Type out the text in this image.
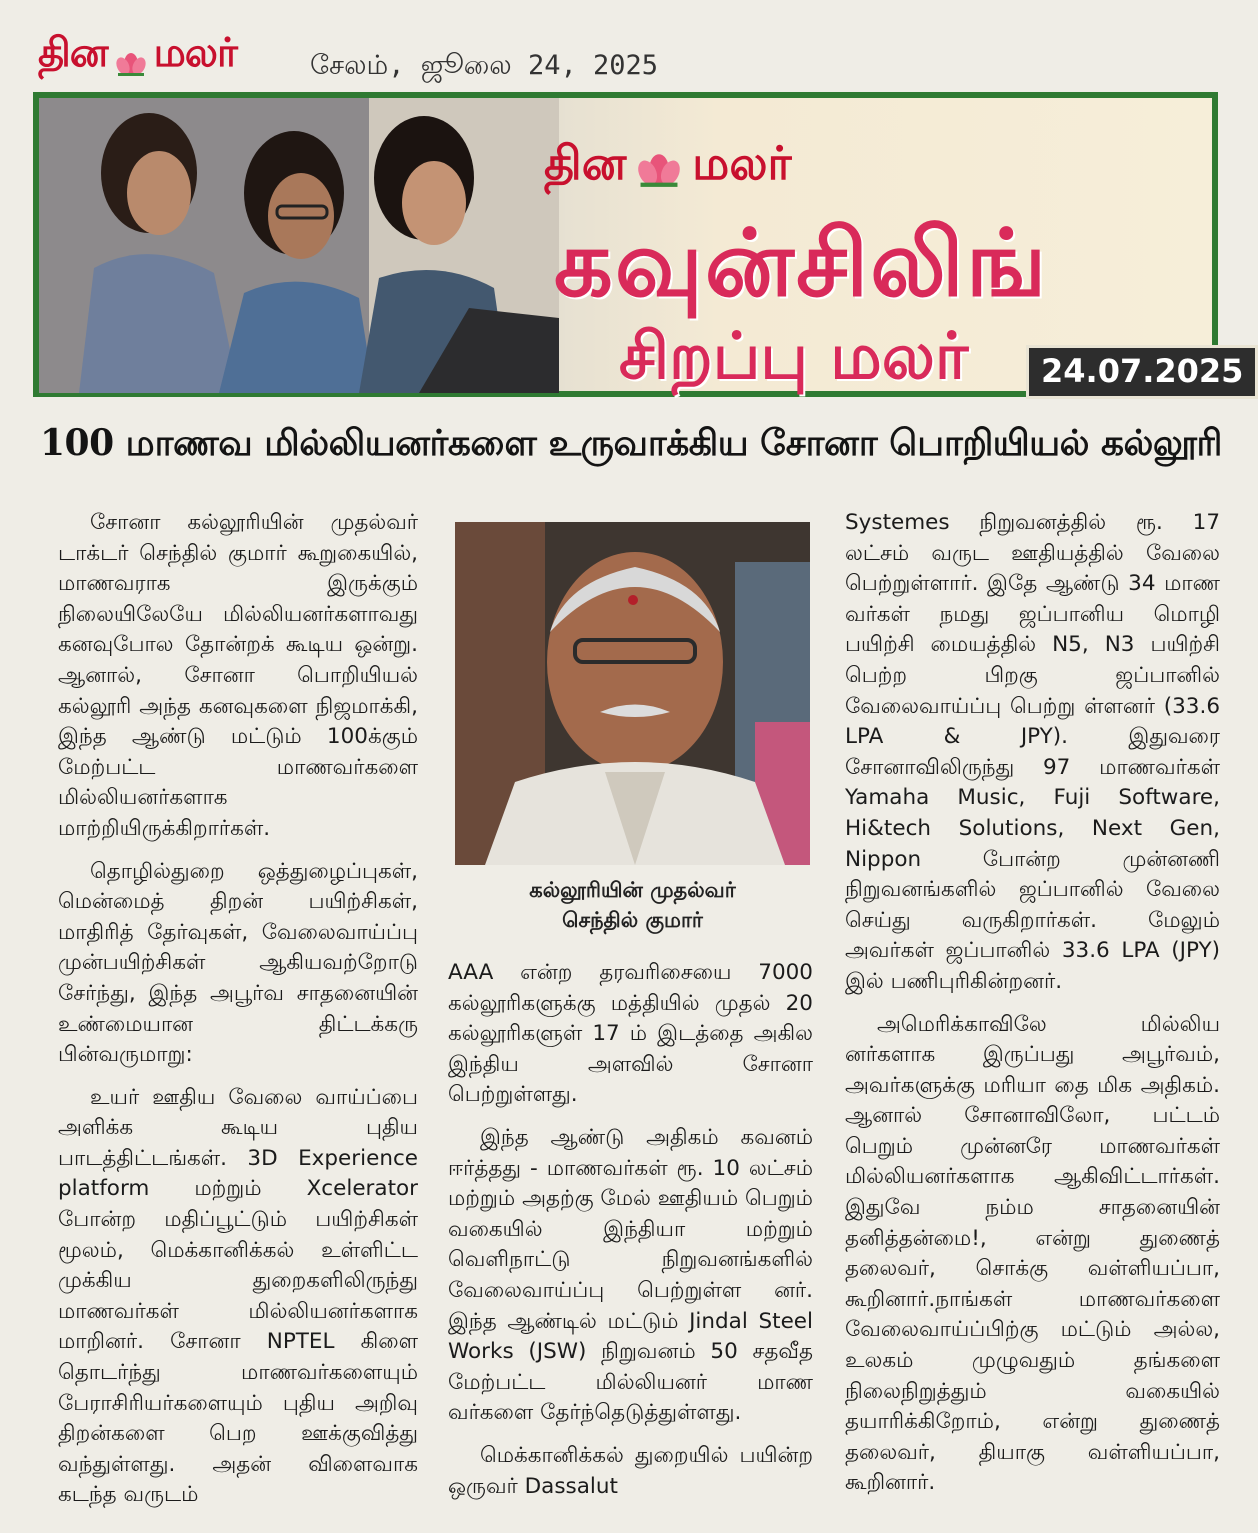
தின மலர்	சேலம், ஜூலை 24, 2025
தின மலர்
கவுன்சிலிங்
சிறப்பு மலர்	24.07.2025
100 மாணவ மில்லியனர்களை உருவாக்கிய சோனா பொறியியல் கல்லூரி

சோனா கல்லூரியின் முதல்வர் டாக்டர் செந்தில் குமார் கூறுகையில், மாணவராக இருக்கும் நிலையிலேயே மில்லியனர்களாவது கனவுபோல தோன்றக் கூடிய ஒன்று. ஆனால், சோனா பொறியியல் கல்லூரி அந்த கனவுகளை நிஜமாக்கி, இந்த ஆண்டு மட்டும் 100க்கும் மேற்பட்ட மாணவர்களை மில்லியனர்களாக மாற்றியிருக்கிறார்கள்.

தொழில்துறை ஒத்துழைப்புகள், மென்மைத் திறன் பயிற்சிகள், மாதிரித் தேர்வுகள், வேலைவாய்ப்பு முன்பயிற்சிகள் ஆகியவற்றோடு சேர்ந்து, இந்த அபூர்வ சாதனையின் உண்மையான திட்டக்கரு பின்வருமாறு:

உயர் ஊதிய வேலை வாய்ப்பை அளிக்க கூடிய புதிய பாடத்திட்டங்கள். 3D Experience platform மற்றும் Xcelerator போன்ற மதிப்பூட்டும் பயிற்சிகள் மூலம், மெக்கானிக்கல் உள்ளிட்ட முக்கிய துறைகளிலிருந்து மாணவர்கள் மில்லியனர்களாக மாறினர். சோனா NPTEL கிளை தொடர்ந்து மாணவர்களையும் பேராசிரியர்களையும் புதிய அறிவு திறன்களை பெற ஊக்குவித்து வந்துள்ளது. அதன் விளைவாக கடந்த வருடம்

கல்லூரியின் முதல்வர்
செந்தில் குமார்

AAA என்ற தரவரிசையை 7000 கல்லூரிகளுக்கு மத்தியில் முதல் 20 கல்லூரிகளுள் 17 ம் இடத்தை அகில இந்திய அளவில் சோனா பெற்றுள்ளது.

இந்த ஆண்டு அதிகம் கவனம் ஈர்த்தது - மாணவர்கள் ரூ. 10 லட்சம் மற்றும் அதற்கு மேல் ஊதியம் பெறும் வகையில் இந்தியா மற்றும் வெளிநாட்டு நிறுவனங்களில் வேலைவாய்ப்பு பெற்றுள்ள னர். இந்த ஆண்டில் மட்டும் Jindal Steel Works (JSW) நிறுவனம் 50 சதவீத மேற்பட்ட மில்லியனர் மாண வர்களை தேர்ந்தெடுத்துள்ளது.

மெக்கானிக்கல் துறையில் பயின்ற ஒருவர் Dassalut

Systemes நிறுவனத்தில் ரூ. 17 லட்சம் வருட ஊதியத்தில் வேலை பெற்றுள்ளார். இதே ஆண்டு 34 மாண வர்கள் நமது ஜப்பானிய மொழி பயிற்சி மையத்தில் N5, N3 பயிற்சி பெற்ற பிறகு ஜப்பானில் வேலைவாய்ப்பு பெற்று ள்ளனர் (33.6 LPA & JPY). இதுவரை சோனாவிலிருந்து 97 மாணவர்கள் Yamaha Music, Fuji Software, Hi&tech Solutions, Next Gen, Nippon போன்ற முன்னணி நிறுவனங்களில் ஜப்பானில் வேலை செய்து வருகிறார்கள். மேலும் அவர்கள் ஜப்பானில் 33.6 LPA (JPY) இல் பணிபுரிகின்றனர்.

அமெரிக்காவிலே மில்லிய னர்களாக இருப்பது அபூர்வம், அவர்களுக்கு மரியா தை மிக அதிகம். ஆனால் சோனாவிலோ, பட்டம் பெறும் முன்னரே மாணவர்கள் மில்லியனர்களாக ஆகிவிட்டார்கள். இதுவே நம்ம சாதனையின் தனித்தன்மை!, என்று துணைத் தலைவர், சொக்கு வள்ளியப்பா, கூறினார்.நாங்கள் மாணவர்களை வேலைவாய்ப்பிற்கு மட்டும் அல்ல, உலகம் முழுவதும் தங்களை நிலைநிறுத்தும் வகையில் தயாரிக்கிறோம், என்று துணைத் தலைவர், தியாகு வள்ளியப்பா, கூறினார்.
